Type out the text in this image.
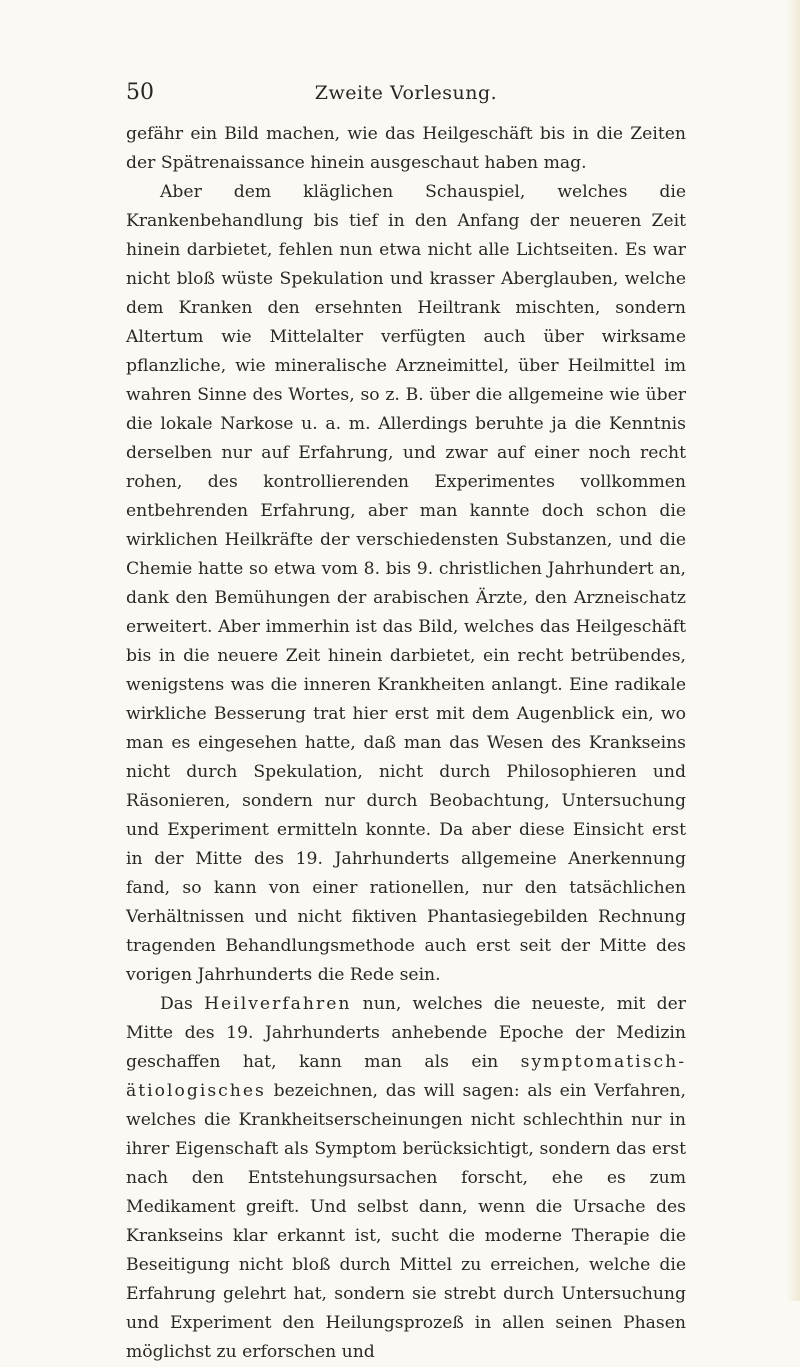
50	Zweite Vorlesung.

gefähr ein Bild machen, wie das Heilgeschäft bis in die Zeiten der Spätrenaissance hinein ausgeschaut haben mag.

Aber dem kläglichen Schauspiel, welches die Krankenbehandlung bis tief in den Anfang der neueren Zeit hinein darbietet, fehlen nun etwa nicht alle Lichtseiten. Es war nicht bloß wüste Spekulation und krasser Aberglauben, welche dem Kranken den ersehnten Heiltrank mischten, sondern Altertum wie Mittelalter verfügten auch über wirksame pflanzliche, wie mineralische Arzneimittel, über Heilmittel im wahren Sinne des Wortes, so z. B. über die allgemeine wie über die lokale Narkose u. a. m. Allerdings beruhte ja die Kenntnis derselben nur auf Erfahrung, und zwar auf einer noch recht rohen, des kontrollierenden Experimentes vollkommen entbehrenden Erfahrung, aber man kannte doch schon die wirklichen Heilkräfte der verschiedensten Substanzen, und die Chemie hatte so etwa vom 8. bis 9. christlichen Jahrhundert an, dank den Bemühungen der arabischen Ärzte, den Arzneischatz erweitert. Aber immerhin ist das Bild, welches das Heilgeschäft bis in die neuere Zeit hinein darbietet, ein recht betrübendes, wenigstens was die inneren Krankheiten anlangt. Eine radikale wirkliche Besserung trat hier erst mit dem Augenblick ein, wo man es eingesehen hatte, daß man das Wesen des Krankseins nicht durch Spekulation, nicht durch Philosophieren und Räsonieren, sondern nur durch Beobachtung, Untersuchung und Experiment ermitteln konnte. Da aber diese Einsicht erst in der Mitte des 19. Jahrhunderts allgemeine Anerkennung fand, so kann von einer rationellen, nur den tatsächlichen Verhältnissen und nicht fiktiven Phantasiegebilden Rechnung tragenden Behandlungsmethode auch erst seit der Mitte des vorigen Jahrhunderts die Rede sein.

Das Heilverfahren nun, welches die neueste, mit der Mitte des 19. Jahrhunderts anhebende Epoche der Medizin geschaffen hat, kann man als ein symptomatisch-ätiologisches bezeichnen, das will sagen: als ein Verfahren, welches die Krankheitserscheinungen nicht schlechthin nur in ihrer Eigenschaft als Symptom berücksichtigt, sondern das erst nach den Entstehungsursachen forscht, ehe es zum Medikament greift. Und selbst dann, wenn die Ursache des Krankseins klar erkannt ist, sucht die moderne Therapie die Beseitigung nicht bloß durch Mittel zu erreichen, welche die Erfahrung gelehrt hat, sondern sie strebt durch Untersuchung und Experiment den Heilungsprozeß in allen seinen Phasen möglichst zu erforschen und
